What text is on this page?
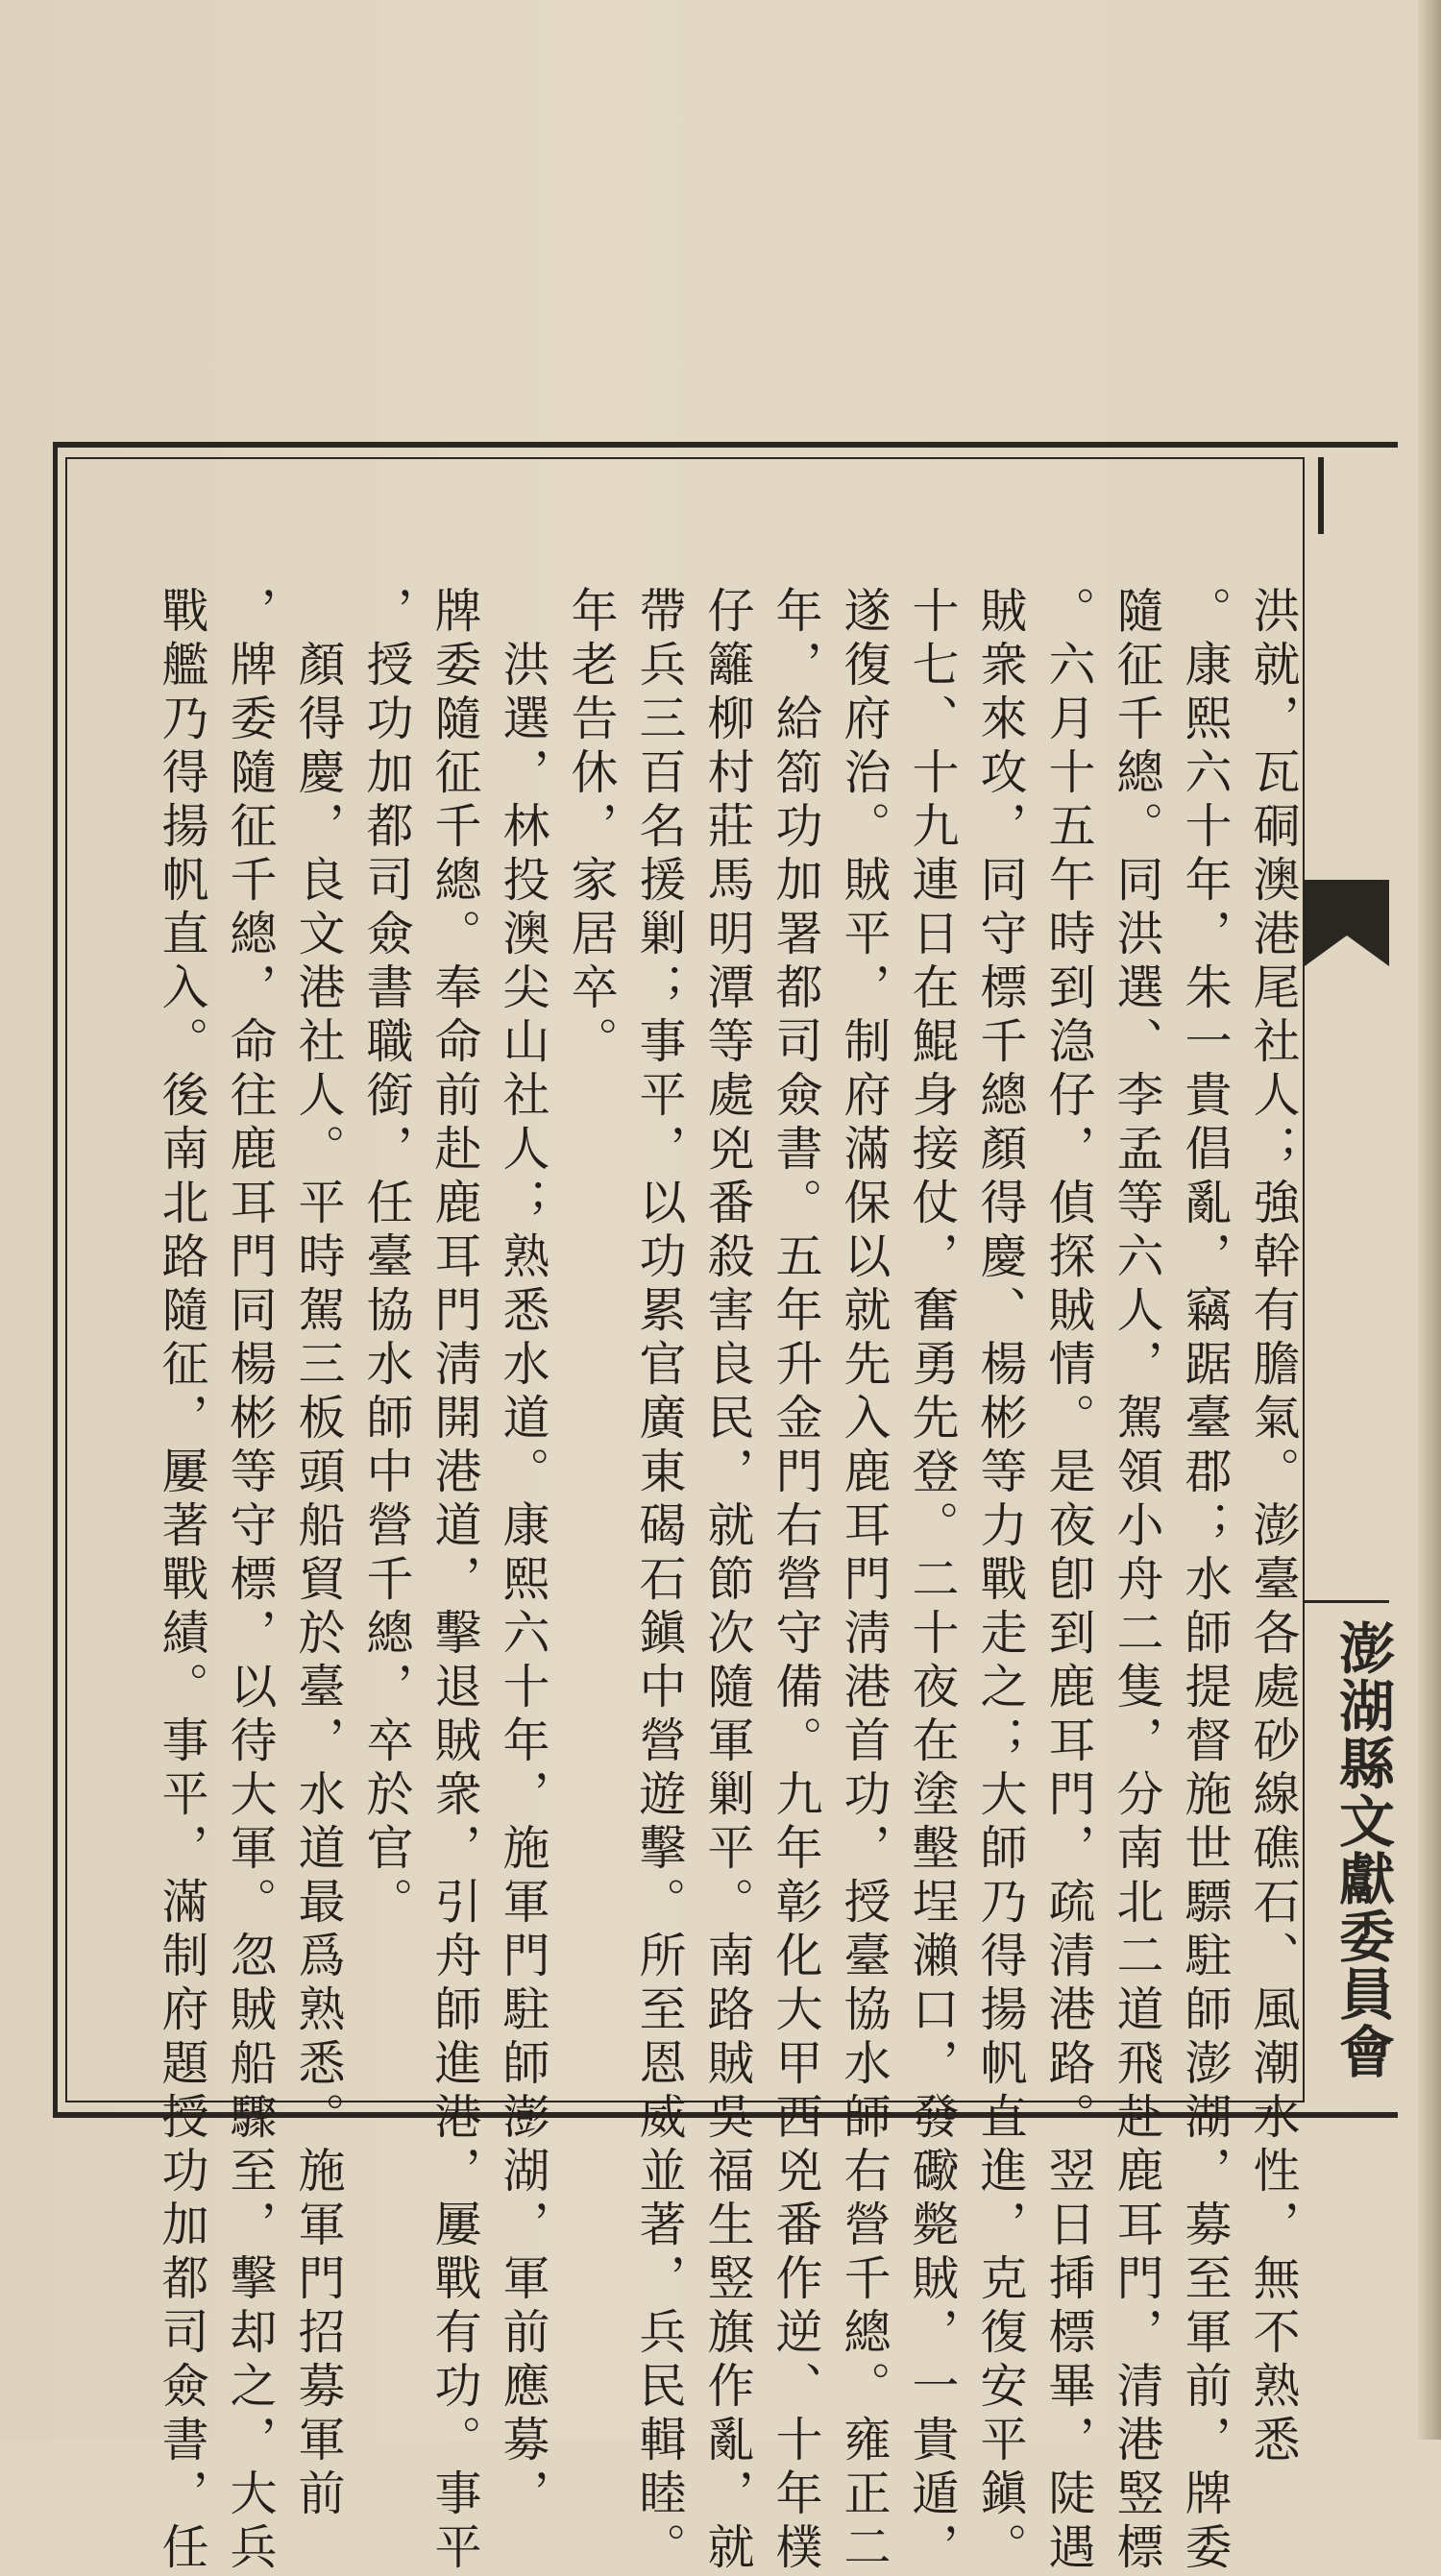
澎湖縣文獻委員會
洪就，瓦硐澳港尾社人；強幹有膽氣。澎臺各處砂線礁石、風潮水性，無不熟悉
。康熙六十年，朱一貴倡亂，竊踞臺郡；水師提督施世驃駐師澎湖，募至軍前，牌委
隨征千總。同洪選、李孟等六人，駕領小舟二隻，分南北二道飛赴鹿耳門，清港竪標
。六月十五午時到㴔仔，偵探賊情。是夜卽到鹿耳門，疏清港路。翌日揷標畢，陡遇
賊衆來攻，同守標千總顏得慶、楊彬等力戰走之；大師乃得揚帆直進，克復安平鎭。
十七、十九連日在鯤身接仗，奮勇先登。二十夜在塗墼埕瀨口，發礮斃賊，一貴遁，
遂復府治。賊平，制府滿保以就先入鹿耳門淸港首功，授臺協水師右營千總。雍正二
年，給箚功加署都司僉書。五年升金門右營守備。九年彰化大甲西兇番作逆、十年樸
仔籬柳村莊馬明潭等處兇番殺害良民，就節次隨軍剿平。南路賊吳福生竪旗作亂，就
帶兵三百名援剿；事平，以功累官廣東碣石鎭中營遊擊。所至恩威並著，兵民輯睦。
年老告休，家居卒。
　洪選，林投澳尖山社人；熟悉水道。康熙六十年，施軍門駐師澎湖，軍前應募，
牌委隨征千總。奉命前赴鹿耳門淸開港道，擊退賊衆，引舟師進港，屢戰有功。事平
，授功加都司僉書職銜，任臺協水師中營千總，卒於官。
　顏得慶，良文港社人。平時駕三板頭船貿於臺，水道最爲熟悉。施軍門招募軍前
，牌委隨征千總，命往鹿耳門同楊彬等守標，以待大軍。忽賊船驟至，擊却之，大兵
戰艦乃得揚帆直入。後南北路隨征，屢著戰績。事平，滿制府題授功加都司僉書，任
